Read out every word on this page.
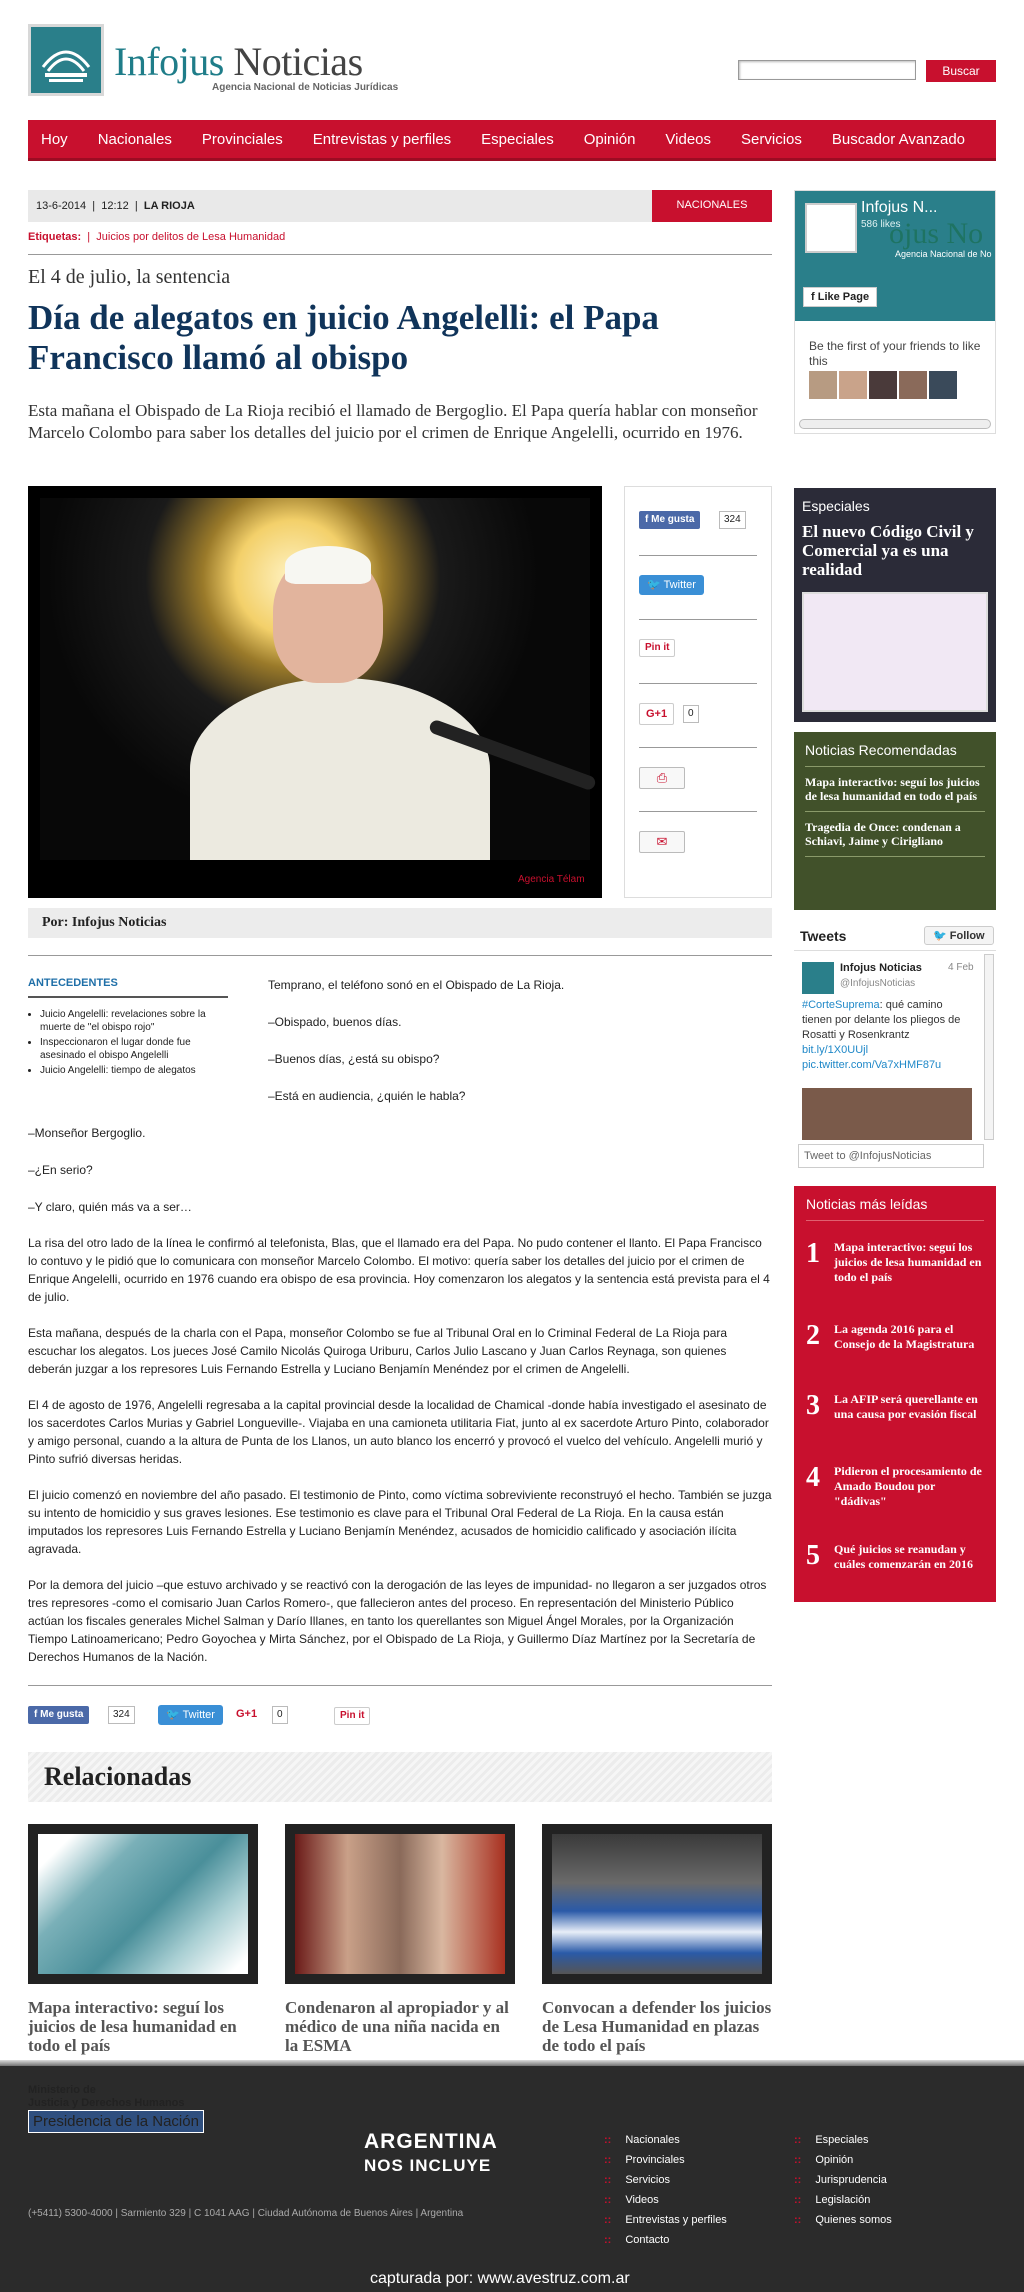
Infojus Noticias
Agencia Nacional de Noticias Jurídicas
Buscar
Hoy Nacionales Provinciales Entrevistas y perfiles Especiales Opinión Videos Servicios Buscador Avanzado
13-6-2014  |  12:12  |  LA RIOJA	NACIONALES
Etiquetas:  |  Juicios por delitos de Lesa Humanidad
El 4 de julio, la sentencia
Día de alegatos en juicio Angelelli: el Papa Francisco llamó al obispo
Esta mañana el Obispado de La Rioja recibió el llamado de Bergoglio. El Papa quería hablar con monseñor Marcelo Colombo para saber los detalles del juicio por el crimen de Enrique Angelelli, ocurrido en 1976.
Agencia Télam
f Me gusta	324
🐦 Twitter
Pin it
G+1	0
⎙
✉
Por: Infojus Noticias
ANTECEDENTES
• Juicio Angelelli: revelaciones sobre la muerte de "el obispo rojo"
• Inspeccionaron el lugar donde fue asesinado el obispo Angelelli
• Juicio Angelelli: tiempo de alegatos
Temprano, el teléfono sonó en el Obispado de La Rioja.
–Obispado, buenos días.
–Buenos días, ¿está su obispo?
–Está en audiencia, ¿quién le habla?
–Monseñor Bergoglio.
–¿En serio?
–Y claro, quién más va a ser…

La risa del otro lado de la línea le confirmó al telefonista, Blas, que el llamado era del Papa. No pudo contener el llanto. El Papa Francisco lo contuvo y le pidió que lo comunicara con monseñor Marcelo Colombo. El motivo: quería saber los detalles del juicio por el crimen de Enrique Angelelli, ocurrido en 1976 cuando era obispo de esa provincia. Hoy comenzaron los alegatos y la sentencia está prevista para el 4 de julio.

Esta mañana, después de la charla con el Papa, monseñor Colombo se fue al Tribunal Oral en lo Criminal Federal de La Rioja para escuchar los alegatos. Los jueces José Camilo Nicolás Quiroga Uriburu, Carlos Julio Lascano y Juan Carlos Reynaga, son quienes deberán juzgar a los represores Luis Fernando Estrella y Luciano Benjamín Menéndez por el crimen de Angelelli.

El 4 de agosto de 1976, Angelelli regresaba a la capital provincial desde la localidad de Chamical -donde había investigado el asesinato de los sacerdotes Carlos Murias y Gabriel Longueville-. Viajaba en una camioneta utilitaria Fiat, junto al ex sacerdote Arturo Pinto, colaborador y amigo personal, cuando a la altura de Punta de los Llanos, un auto blanco los encerró y provocó el vuelco del vehículo. Angelelli murió y Pinto sufrió diversas heridas.

El juicio comenzó en noviembre del año pasado. El testimonio de Pinto, como víctima sobreviviente reconstruyó el hecho. También se juzga su intento de homicidio y sus graves lesiones. Ese testimonio es clave para el Tribunal Oral Federal de La Rioja. En la causa están imputados los represores Luis Fernando Estrella y Luciano Benjamín Menéndez, acusados de homicidio calificado y asociación ilícita agravada.

Por la demora del juicio –que estuvo archivado y se reactivó con la derogación de las leyes de impunidad- no llegaron a ser juzgados otros tres represores -como el comisario Juan Carlos Romero-, que fallecieron antes del proceso. En representación del Ministerio Público actúan los fiscales generales Michel Salman y Darío Illanes, en tanto los querellantes son Miguel Ángel Morales, por la Organización Tiempo Latinoamericano; Pedro Goyochea y Mirta Sánchez, por el Obispado de La Rioja, y Guillermo Díaz Martínez por la Secretaría de Derechos Humanos de la Nación.

f Me gusta	324	🐦 Twitter	G+1	0	Pin it
Relacionadas
Mapa interactivo: seguí los juicios de lesa humanidad en todo el país
Condenaron al apropiador y al médico de una niña nacida en la ESMA
Convocan a defender los juicios de Lesa Humanidad en plazas de todo el país
ojus No
Infojus N...
586 likes
Agencia Nacional de No
f Like Page
Be the first of your friends to like this
Especiales
El nuevo Código Civil y Comercial ya es una realidad
Noticias Recomendadas
Mapa interactivo: seguí los juicios de lesa humanidad en todo el país
Tragedia de Once: condenan a Schiavi, Jaime y Cirigliano
Tweets	🐦 Follow
Infojus Noticias
@InfojusNoticias
4 Feb
#CorteSuprema: qué camino tienen por delante los pliegos de Rosatti y Rosenkrantz bit.ly/1X0UUjl pic.twitter.com/Va7xHMF87u
Tweet to @InfojusNoticias
Noticias más leídas
1 Mapa interactivo: seguí los juicios de lesa humanidad en todo el país
2 La agenda 2016 para el Consejo de la Magistratura
3 La AFIP será querellante en una causa por evasión fiscal
4 Pidieron el procesamiento de Amado Boudou por "dádivas"
5 Qué juicios se reanudan y cuáles comenzarán en 2016
Ministerio de
Justicia y Derechos Humanos
Presidencia de la Nación
ARGENTINA
NOS INCLUYE
(+5411) 5300-4000 | Sarmiento 329 | C 1041 AAG | Ciudad Autónoma de Buenos Aires | Argentina
:: Nacionales
:: Provinciales
:: Servicios
:: Videos
:: Entrevistas y perfiles
:: Contacto
:: Especiales
:: Opinión
:: Jurisprudencia
:: Legislación
:: Quienes somos
capturada por: www.avestruz.com.ar
